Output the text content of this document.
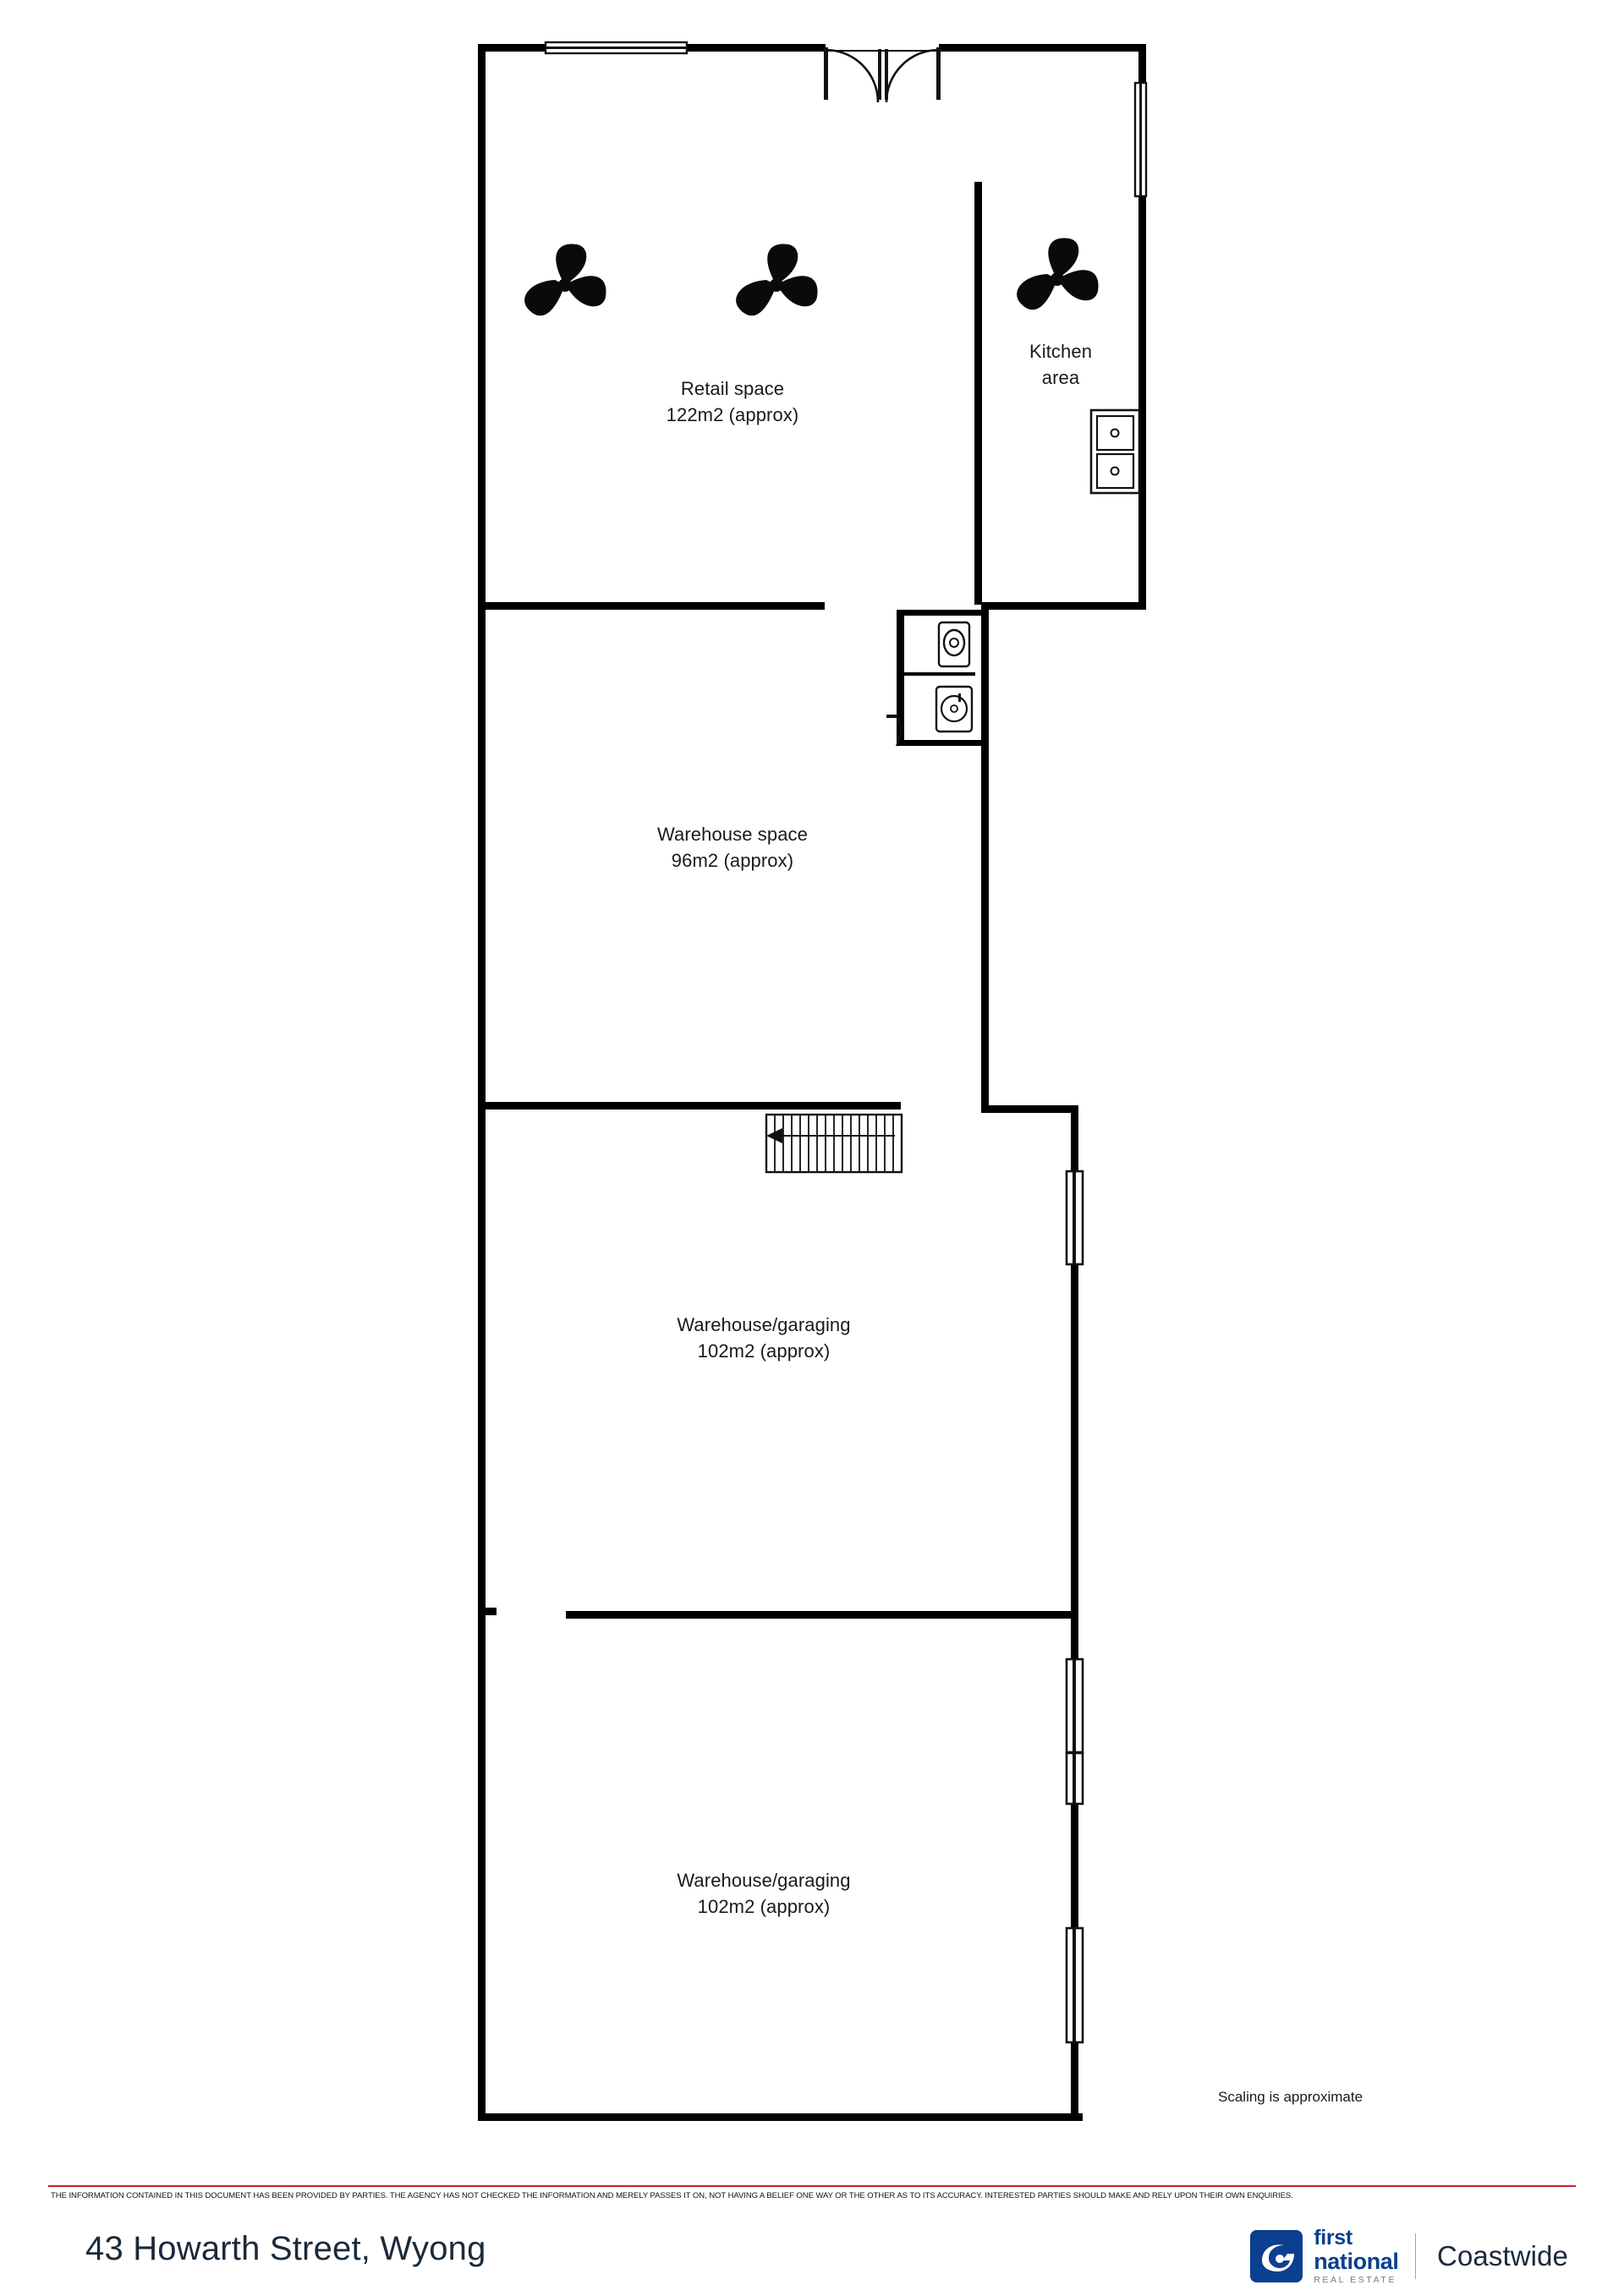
Retail space
122m2 (approx)
Kitchen
area
Warehouse space
96m2 (approx)
Warehouse/garaging
102m2 (approx)
Warehouse/garaging
102m2 (approx)
Scaling is approximate
THE INFORMATION CONTAINED IN THIS DOCUMENT HAS BEEN PROVIDED BY PARTIES. THE AGENCY HAS NOT CHECKED THE INFORMATION AND MERELY PASSES IT ON, NOT HAVING A BELIEF ONE WAY OR THE OTHER AS TO ITS ACCURACY. INTERESTED PARTIES SHOULD MAKE AND RELY UPON THEIR OWN ENQUIRIES.
43 Howarth Street, Wyong	first
national
REAL ESTATE
Coastwide
